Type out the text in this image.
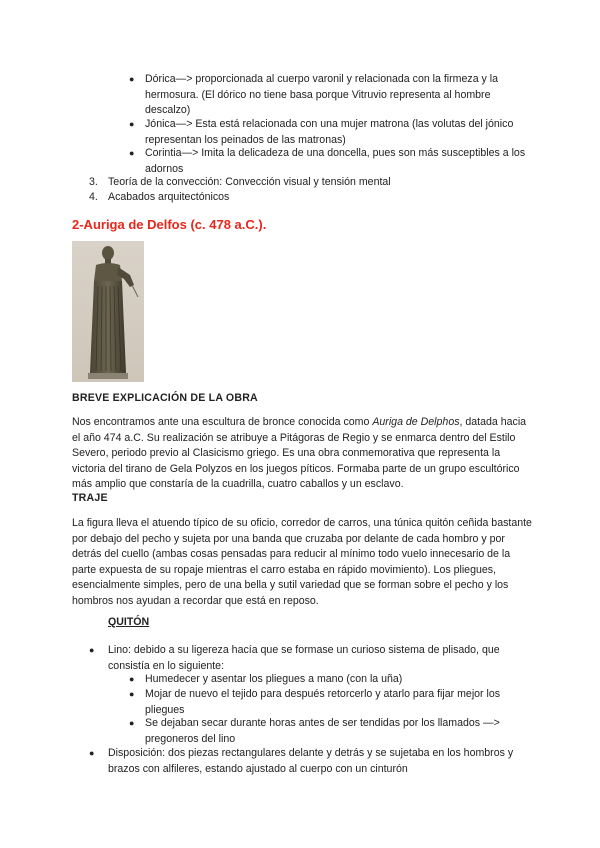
● Dórica—> proporcionada al cuerpo varonil y relacionada con la firmeza y la hermosura. (El dórico no tiene basa porque Vitruvio representa al hombre descalzo)

● Jónica—> Esta está relacionada con una mujer matrona (las volutas del jónico representan los peinados de las matronas)

● Corintia—> Imita la delicadeza de una doncella, pues son más susceptibles a los adornos

3. Teoría de la convección: Convección visual y tensión mental

4. Acabados arquitectónicos

2-Auriga de Delfos (c. 478 a.C.).
BREVE EXPLICACIÓN DE LA OBRA

Nos encontramos ante una escultura de bronce conocida como Auriga de Delphos, datada hacia el año 474 a.C. Su realización se atribuye a Pitágoras de Regio y se enmarca dentro del Estilo Severo, periodo previo al Clasicismo griego. Es una obra conmemorativa que representa la victoria del tirano de Gela Polyzos en los juegos píticos. Formaba parte de un grupo escultórico más amplio que constaría de la cuadrilla, cuatro caballos y un esclavo.

TRAJE

La figura lleva el atuendo típico de su oficio, corredor de carros, una túnica quitón ceñida bastante por debajo del pecho y sujeta por una banda que cruzaba por delante de cada hombro y por detrás del cuello (ambas cosas pensadas para reducir al mínimo todo vuelo innecesario de la parte expuesta de su ropaje mientras el carro estaba en rápido movimiento). Los pliegues, esencialmente simples, pero de una bella y sutil variedad que se forman sobre el pecho y los hombros nos ayudan a recordar que está en reposo.

QUITÓN

● Lino: debido a su ligereza hacía que se formase un curioso sistema de plisado, que consistía en lo siguiente:

● Humedecer y asentar los pliegues a mano (con la uña)

● Mojar de nuevo el tejido para después retorcerlo y atarlo para fijar mejor los pliegues

● Se dejaban secar durante horas antes de ser tendidas por los llamados —> pregoneros del lino

● Disposición: dos piezas rectangulares delante y detrás y se sujetaba en los hombros y brazos con alfileres, estando ajustado al cuerpo con un cinturón
